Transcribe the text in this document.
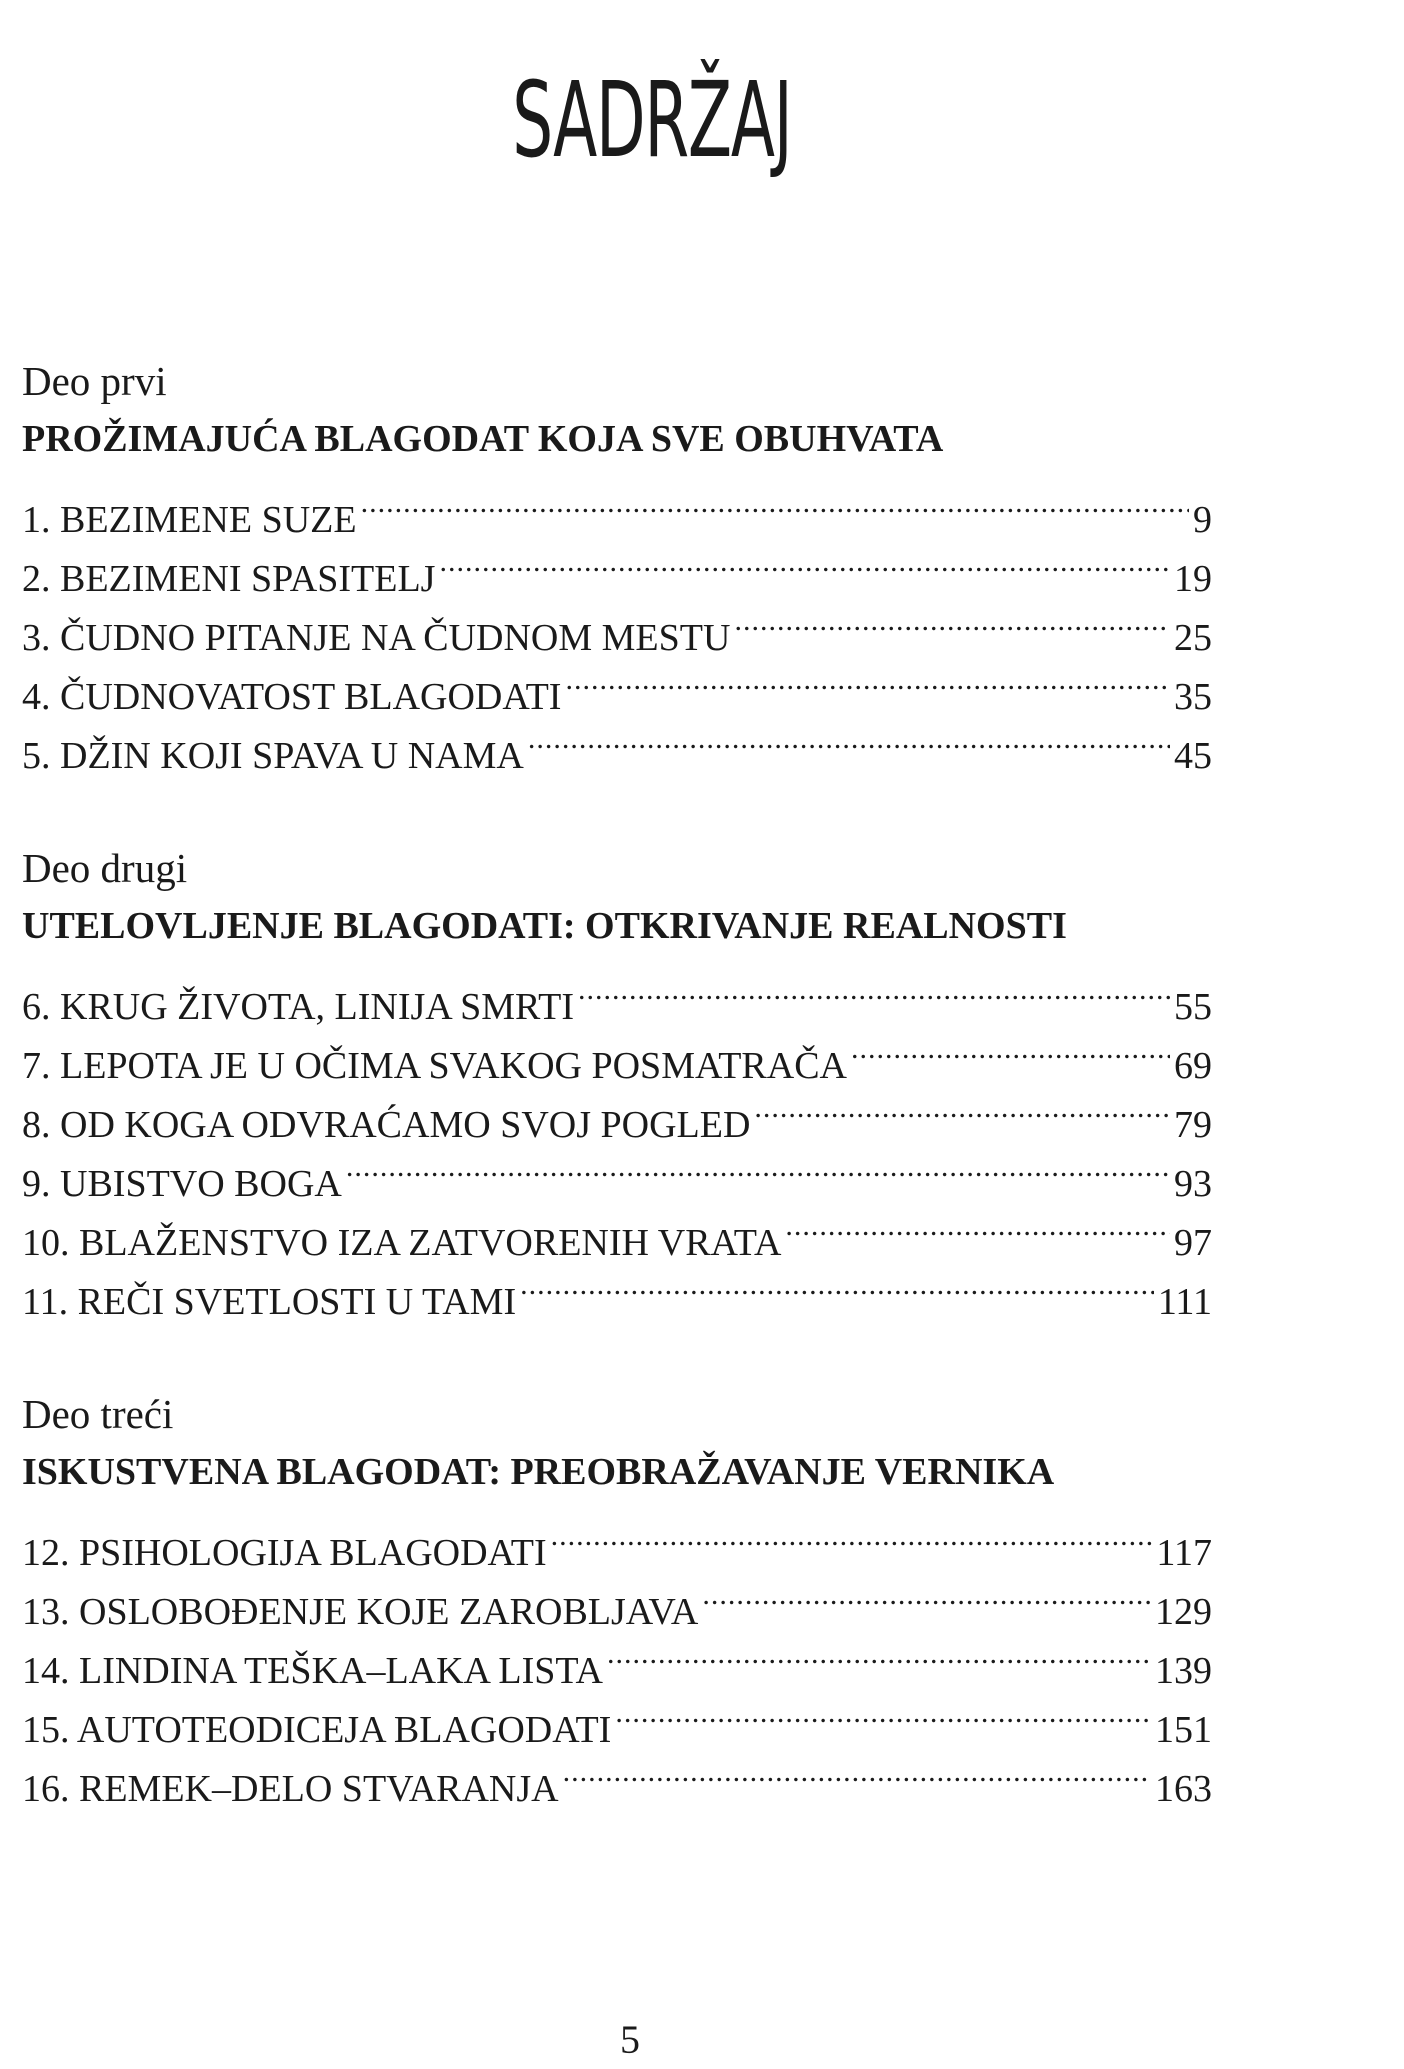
SADRŽAJ

Deo prvi

PROŽIMAJUĆA BLAGODAT KOJA SVE OBUHVATA

1. BEZIMENE SUZE .....	9
2. BEZIMENI SPASITELJ .....	19
3. ČUDNO PITANJE NA ČUDNOM MESTU .....	25
4. ČUDNOVATOST BLAGODATI .....	35
5. DŽIN KOJI SPAVA U NAMA .....	45

Deo drugi

UTELOVLJENJE BLAGODATI: OTKRIVANJE REALNOSTI

6. KRUG ŽIVOTA, LINIJA SMRTI .....	55
7. LEPOTA JE U OČIMA SVAKOG POSMATRAČA .....	69
8. OD KOGA ODVRAĆAMO SVOJ POGLED .....	79
9. UBISTVO BOGA .....	93
10. BLAŽENSTVO IZA ZATVORENIH VRATA .....	97
11. REČI SVETLOSTI U TAMI .....	111

Deo treći

ISKUSTVENA BLAGODAT: PREOBRAŽAVANJE VERNIKA

12. PSIHOLOGIJA BLAGODATI .....	117
13. OSLOBOĐENJE KOJE ZAROBLJAVA .....	129
14. LINDINA TEŠKA–LAKA LISTA .....	139
15. AUTOTEODICEJA BLAGODATI .....	151
16. REMEK–DELO STVARANJA .....	163
5
